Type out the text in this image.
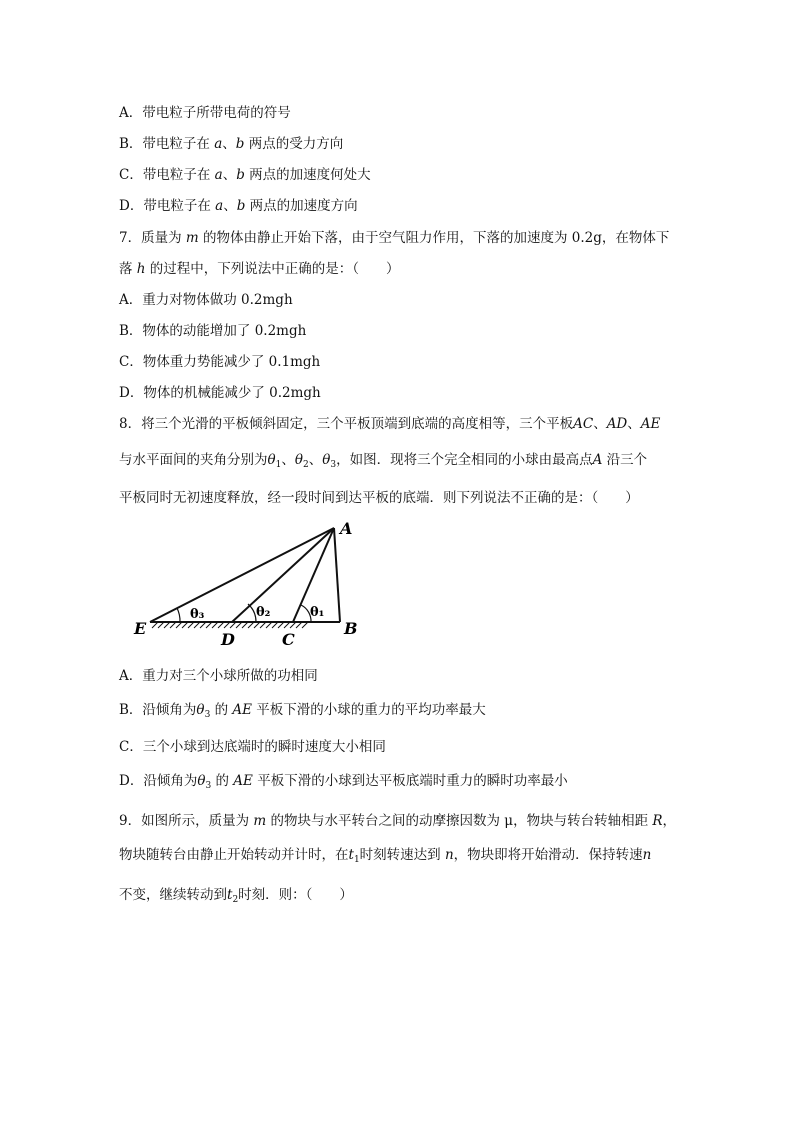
A．带电粒子所带电荷的符号
B．带电粒子在 a、b 两点的受力方向
C．带电粒子在 a、b 两点的加速度何处大
D．带电粒子在 a、b 两点的加速度方向
7．质量为 m 的物体由静止开始下落，由于空气阻力作用，下落的加速度为 0.2g，在物体下
落 h 的过程中，下列说法中正确的是：（　　）
A．重力对物体做功 0.2mgh
B．物体的动能增加了 0.2mgh
C．物体重力势能减少了 0.1mgh
D．物体的机械能减少了 0.2mgh
8．将三个光滑的平板倾斜固定，三个平板顶端到底端的高度相等，三个平板AC、AD、AE
与水平面间的夹角分别为$\theta_1$、$\theta_2$、$\theta_3$，如图．现将三个完全相同的小球由最高点A 沿三个
平板同时无初速度释放，经一段时间到达平板的底端．则下列说法不正确的是：（　　）
A
B
C
D
E
θ₃	θ₂	θ₁
A．重力对三个小球所做的功相同
B．沿倾角为$\theta_3$ 的 AE 平板下滑的小球的重力的平均功率最大
C．三个小球到达底端时的瞬时速度大小相同
D．沿倾角为$\theta_3$ 的 AE 平板下滑的小球到达平板底端时重力的瞬时功率最小
9．如图所示，质量为 m 的物块与水平转台之间的动摩擦因数为 μ，物块与转台转轴相距 R，
物块随转台由静止开始转动并计时，在$t_1$时刻转速达到 n，物块即将开始滑动．保持转速n
不变，继续转动到$t_2$时刻．则：（　　）
